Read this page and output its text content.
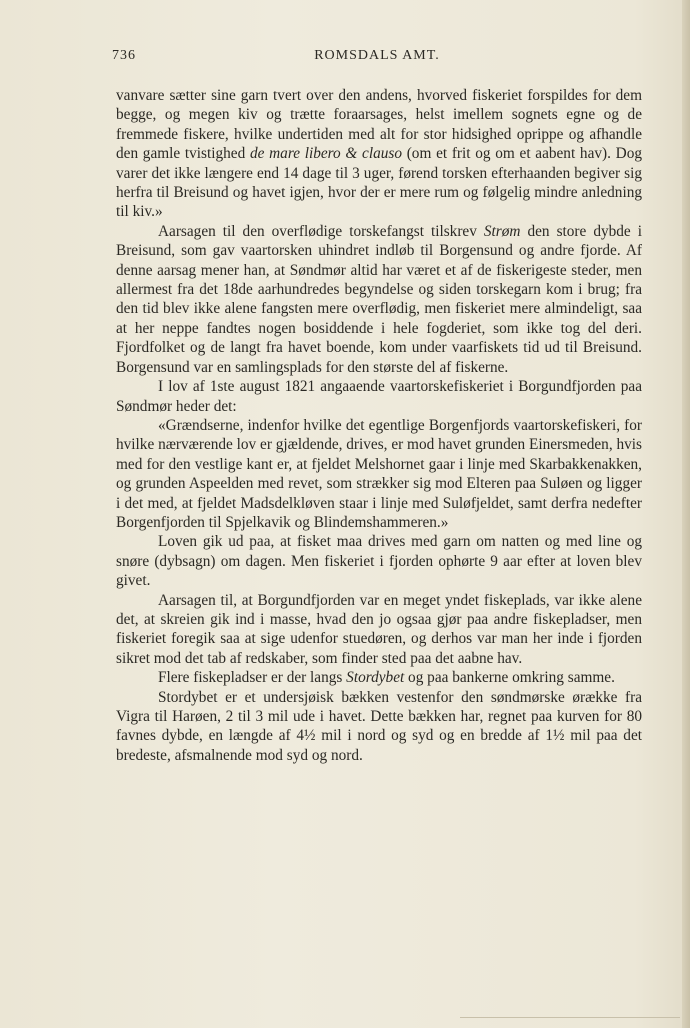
736	ROMSDALS AMT.

vanvare sætter sine garn tvert over den andens, hvorved fiskeriet forspildes for dem begge, og megen kiv og trætte foraarsages, helst imellem sognets egne og de fremmede fiskere, hvilke undertiden med alt for stor hidsighed oprippe og afhandle den gamle tvistighed de mare libero & clauso (om et frit og om et aabent hav). Dog varer det ikke længere end 14 dage til 3 uger, førend torsken efterhaanden begiver sig herfra til Breisund og havet igjen, hvor der er mere rum og følgelig mindre anledning til kiv.»

Aarsagen til den overflødige torskefangst tilskrev Strøm den store dybde i Breisund, som gav vaartorsken uhindret indløb til Borgensund og andre fjorde. Af denne aarsag mener han, at Søndmør altid har været et af de fiskerigeste steder, men allermest fra det 18de aarhundredes begyndelse og siden torskegarn kom i brug; fra den tid blev ikke alene fangsten mere overflødig, men fiskeriet mere almindeligt, saa at her neppe fandtes nogen bosiddende i hele fogderiet, som ikke tog del deri. Fjordfolket og de langt fra havet boende, kom under vaarfiskets tid ud til Breisund. Borgensund var en samlingsplads for den største del af fiskerne.

I lov af 1ste august 1821 angaaende vaartorskefiskeriet i Borgundfjorden paa Søndmør heder det:

«Grændserne, indenfor hvilke det egentlige Borgenfjords vaartorskefiskeri, for hvilke nærværende lov er gjældende, drives, er mod havet grunden Einersmeden, hvis med for den vestlige kant er, at fjeldet Melshornet gaar i linje med Skarbakkenakken, og grunden Aspeelden med revet, som strækker sig mod Elteren paa Suløen og ligger i det med, at fjeldet Madsdelkløven staar i linje med Suløfjeldet, samt derfra nedefter Borgenfjorden til Spjelkavik og Blindemshammeren.»

Loven gik ud paa, at fisket maa drives med garn om natten og med line og snøre (dybsagn) om dagen. Men fiskeriet i fjorden ophørte 9 aar efter at loven blev givet.

Aarsagen til, at Borgundfjorden var en meget yndet fiskeplads, var ikke alene det, at skreien gik ind i masse, hvad den jo ogsaa gjør paa andre fiskepladser, men fiskeriet foregik saa at sige udenfor stuedøren, og derhos var man her inde i fjorden sikret mod det tab af redskaber, som finder sted paa det aabne hav.

Flere fiskepladser er der langs Stordybet og paa bankerne omkring samme.

Stordybet er et undersjøisk bækken vestenfor den søndmørske ørække fra Vigra til Harøen, 2 til 3 mil ude i havet. Dette bækken har, regnet paa kurven for 80 favnes dybde, en længde af 4½ mil i nord og syd og en bredde af 1½ mil paa det bredeste, afsmalnende mod syd og nord.
